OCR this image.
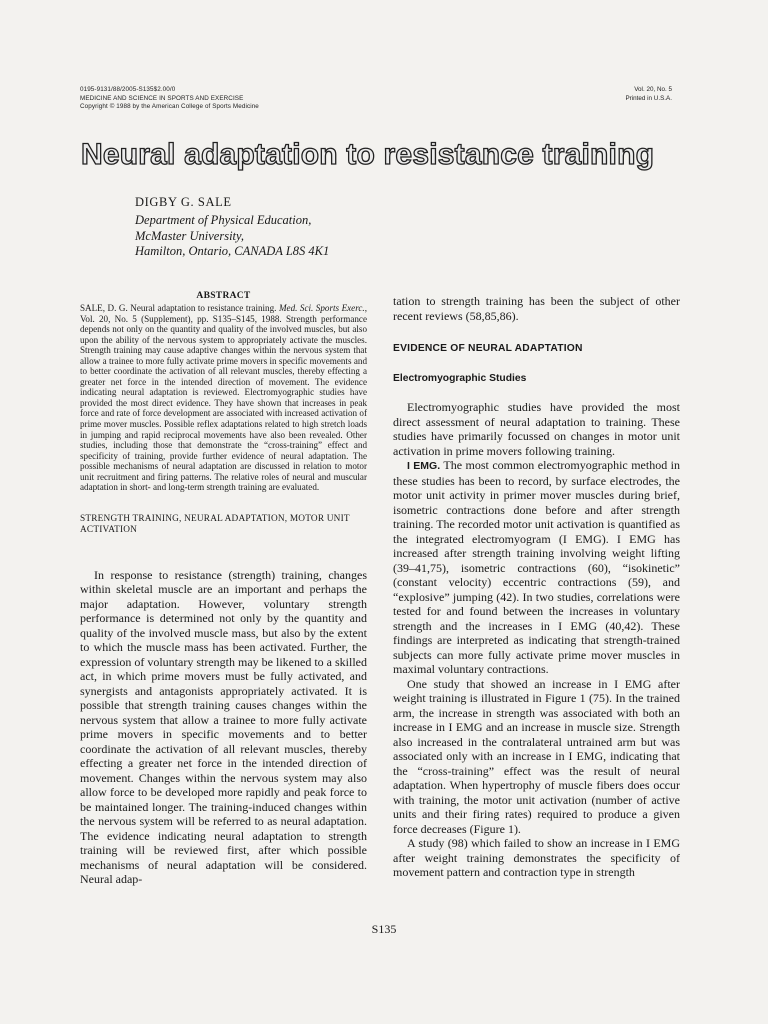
0195-9131/88/2005-S135$2.00/0
MEDICINE AND SCIENCE IN SPORTS AND EXERCISE
Copyright © 1988 by the American College of Sports Medicine
Vol. 20, No. 5
Printed in U.S.A.
Neural adaptation to resistance training
DIGBY G. SALE
Department of Physical Education,
McMaster University,
Hamilton, Ontario, CANADA L8S 4K1
ABSTRACT
SALE, D. G. Neural adaptation to resistance training. Med. Sci. Sports Exerc., Vol. 20, No. 5 (Supplement), pp. S135–S145, 1988. Strength performance depends not only on the quantity and quality of the involved muscles, but also upon the ability of the nervous system to appropriately activate the muscles. Strength training may cause adaptive changes within the nervous system that allow a trainee to more fully activate prime movers in specific movements and to better coordinate the activation of all relevant muscles, thereby effecting a greater net force in the intended direction of movement. The evidence indicating neural adaptation is reviewed. Electromyographic studies have provided the most direct evidence. They have shown that increases in peak force and rate of force development are associated with increased activation of prime mover muscles. Possible reflex adaptations related to high stretch loads in jumping and rapid reciprocal movements have also been revealed. Other studies, including those that demonstrate the “cross-training” effect and specificity of training, provide further evidence of neural adaptation. The possible mechanisms of neural adaptation are discussed in relation to motor unit recruitment and firing patterns. The relative roles of neural and muscular adaptation in short- and long-term strength training are evaluated.
STRENGTH TRAINING, NEURAL ADAPTATION, MOTOR UNIT ACTIVATION
In response to resistance (strength) training, changes within skeletal muscle are an important and perhaps the major adaptation. However, voluntary strength performance is determined not only by the quantity and quality of the involved muscle mass, but also by the extent to which the muscle mass has been activated. Further, the expression of voluntary strength may be likened to a skilled act, in which prime movers must be fully activated, and synergists and antagonists appropriately activated. It is possible that strength training causes changes within the nervous system that allow a trainee to more fully activate prime movers in specific movements and to better coordinate the activation of all relevant muscles, thereby effecting a greater net force in the intended direction of movement. Changes within the nervous system may also allow force to be developed more rapidly and peak force to be maintained longer. The training-induced changes within the nervous system will be referred to as neural adaptation. The evidence indicating neural adaptation to strength training will be reviewed first, after which possible mechanisms of neural adaptation will be considered. Neural adap-

tation to strength training has been the subject of other recent reviews (58,85,86).

EVIDENCE OF NEURAL ADAPTATION
Electromyographic Studies

Electromyographic studies have provided the most direct assessment of neural adaptation to training. These studies have primarily focussed on changes in motor unit activation in prime movers following training.

I EMG. The most common electromyographic method in these studies has been to record, by surface electrodes, the motor unit activity in primer mover muscles during brief, isometric contractions done before and after strength training. The recorded motor unit activation is quantified as the integrated electromyogram (I EMG). I EMG has increased after strength training involving weight lifting (39–41,75), isometric contractions (60), “isokinetic” (constant velocity) eccentric contractions (59), and “explosive” jumping (42). In two studies, correlations were tested for and found between the increases in voluntary strength and the increases in I EMG (40,42). These findings are interpreted as indicating that strength-trained subjects can more fully activate prime mover muscles in maximal voluntary contractions.

One study that showed an increase in I EMG after weight training is illustrated in Figure 1 (75). In the trained arm, the increase in strength was associated with both an increase in I EMG and an increase in muscle size. Strength also increased in the contralateral untrained arm but was associated only with an increase in I EMG, indicating that the “cross-training” effect was the result of neural adaptation. When hypertrophy of muscle fibers does occur with training, the motor unit activation (number of active units and their firing rates) required to produce a given force decreases (Figure 1).

A study (98) which failed to show an increase in I EMG after weight training demonstrates the specificity of movement pattern and contraction type in strength

S135
